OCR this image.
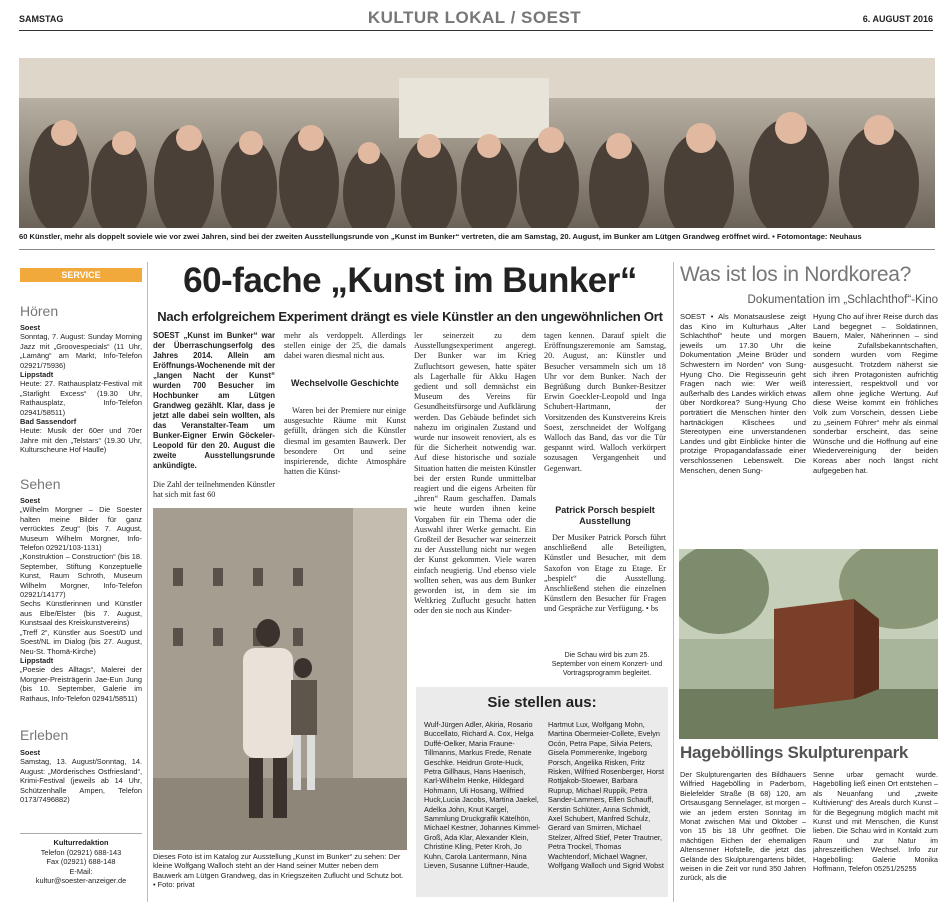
SAMSTAG	KULTUR LOKAL / SOEST	6. AUGUST 2016
60 Künstler, mehr als doppelt soviele wie vor zwei Jahren, sind bei der zweiten Ausstellungsrunde von „Kunst im Bunker“ vertreten, die am Samstag, 20. August, im Bunker am Lütgen Grandweg eröffnet wird. • Fotomontage: Neuhaus
SERVICE
Hören
Soest
Sonntag, 7. August: Sunday Morning Jazz mit „Groovespecials“ (11 Uhr, „Lamäng“ am Markt, Info-Telefon 02921/75936)
Lippstadt
Heute: 27. Rathausplatz-Festival mit „Starlight Excess“ (19.30 Uhr, Rathausplatz, Info-Telefon 02941/58511)
Bad Sassendorf
Heute: Musik der 60er und 70er Jahre mit den „Telstars“ (19.30 Uhr, Kulturscheune Hof Haulle)
Sehen
Soest
„Wilhelm Morgner – Die Soester halten meine Bilder für ganz verrücktes Zeug“ (bis 7. August, Museum Wilhelm Morgner, Info-Telefon 02921/103-1131)
„Konstruktion – Construction“ (bis 18. September, Stiftung Konzeptuelle Kunst, Raum Schroth, Museum Wilhelm Morgner, Info-Telefon 02921/14177)
Sechs Künstlerinnen und Künstler aus Elbe/Elster (bis 7. August, Kunstsaal des Kreiskunstvereins)
„Treff 2“, Künstler aus Soest/D und Soest/NL im Dialog (bis 27. August, Neu-St. Thomä-Kirche)
Lippstadt
„Poesie des Alltags“, Malerei der Morgner-Preisträgerin Jae-Eun Jung (bis 10. September, Galerie im Rathaus, Info-Telefon 02941/58511)
Erleben
Soest
Samstag, 13. August/Sonntag, 14. August: „Mörderisches Ostfriesland“, Krimi-Festival (jeweils ab 14 Uhr, Schützenhalle Ampen, Telefon 0173/7496882)
Kulturredaktion
Telefon (02921) 688-143
Fax (02921) 688-148
E-Mail:
kultur@soester-anzeiger.de
60-fache „Kunst im Bunker“
Nach erfolgreichem Experiment drängt es viele Künstler an den ungewöhnlichen Ort
SOEST „Kunst im Bunker“ war der Überraschungserfolg des Jahres 2014. Allein am Eröffnungs-Wochenende mit der „langen Nacht der Kunst“ wurden 700 Besucher im Hochbunker am Lütgen Grandweg gezählt. Klar, dass je jetzt alle dabei sein wollten, als das Veranstalter-Team um Bunker-Eigner Erwin Göckeler-Leopold für den 20. August die zweite Ausstellungsrunde ankündigte.
Die Zahl der teilnehmenden Künstler hat sich mit fast 60
mehr als verdoppelt. Allerdings stellen einige der 25, die damals dabei waren diesmal nicht aus.
Wechselvolle Geschichte
Waren bei der Premiere nur einige ausgesuchte Räume mit Kunst gefüllt, drängen sich die Künstler diesmal im gesamten Bauwerk. Der besondere Ort und seine inspirierende, dichte Atmosphäre hatten die Künst-
ler seinerzeit zu dem Ausstellungsexperiment angeregt. Der Bunker war im Krieg Zufluchtsort gewesen, hatte später als Lagerhalle für Akku Hagen gedient und soll demnächst ein Museum des Vereins für Gesundheitsfürsorge und Aufklärung werden. Das Gebäude befindet sich nahezu im originalen Zustand und wurde nur insoweit renoviert, als es für die Sicherheit notwendig war. Auf diese historische und soziale Situation hatten die meisten Künstler bei der ersten Runde unmittelbar reagiert und die eigens Arbeiten für „ihren“ Raum geschaffen. Damals wie heute wurden ihnen keine Vorgaben für ein Thema oder die Auswahl ihrer Werke gemacht. Ein Großteil der Besucher war seinerzeit zu der Ausstellung nicht nur wegen der Kunst gekommen. Viele waren einfach neugierig. Und ebenso viele wollten sehen, was aus dem Bunker geworden ist, in dem sie im Weltkrieg Zuflucht gesucht hatten oder den sie noch aus Kinder-
tagen kennen. Darauf spielt die Eröffnungszeremonie am Samstag, 20. August, an: Künstler und Besucher versammeln sich um 18 Uhr vor dem Bunker. Nach der Begrüßung durch Bunker-Besitzer Erwin Goeckler-Leopold und Inga Schubert-Hartmann, der Vorsitzenden des Kunstvereins Kreis Soest, zerschneidet der Wolfgang Walloch das Band, das vor die Tür gespannt wird. Walloch verkörpert sozusagen Vergangenheit und Gegenwart.
Patrick Porsch bespielt Ausstellung
Der Musiker Patrick Porsch führt anschließend alle Beteiligten, Künstler und Besucher, mit dem Saxofon von Etage zu Etage. Er „bespielt“ die Ausstellung. Anschließend stehen die einzelnen Künstlern den Besucher für Fragen und Gespräche zur Verfügung. • bs
Die Schau wird bis zum 25. September von einem Konzert- und Vortragsprogramm begleitet.
Dieses Foto ist im Katalog zur Ausstellung „Kunst im Bunker“ zu sehen: Der kleine Wolfgang Walloch steht an der Hand seiner Mutter neben dem Bauwerk am Lütgen Grandweg, das in Kriegszeiten Zuflucht und Schutz bot. • Foto: privat
Sie stellen aus:
Wulf-Jürgen Adler, Akiria, Rosario Buccellato, Richard A. Cox, Helga Duffé-Oelker, Maria Fraune-Tillmanns, Markus Frede, Renate Geschke. Heidrun Grote-Huck, Petra Gillhaus, Hans Haenisch, Karl-Wilhelm Henke, Hildegard Hohmann, Uli Hosang, Wilfried Huck,Lucia Jacobs, Martina Jaekel, Adelka John, Knut Kargel, Sammlung Druckgrafik Kätelhön, Michael Kestner, Johannes Kimmel-Groß, Ada Klar, Alexander Klein, Christine Kling, Peter Kroh, Jo Kuhn, Carola Lantermann, Nina Lieven, Susanne Lüftner-Haude,
Hartmut Lux, Wolfgang Mohn, Martina Obermeier-Collete, Evelyn Ocón, Petra Pape, Silvia Peters, Gisela Pommerenke, Ingeborg Porsch, Angelika Risken, Fritz Risken, Wilfried Rosenberger, Horst Rottjakob-Stoewer, Barbara Ruprup, Michael Ruppik, Petra Sander-Lammers, Ellen Schauff, Kerstin Schlüter, Anna Schmidt, Axel Schubert, Manfred Schulz, Gerard van Smirren, Michael Stelzer, Alfred Stief, Peter Trautner, Petra Trockel, Thomas Wachtendorf, Michael Wagner, Wolfgang Walloch und Sigrid Wobst
Was ist los in Nordkorea?
Dokumentation im „Schlachthof“-Kino
SOEST • Als Monatsauslese zeigt das Kino im Kulturhaus „Alter Schlachthof“ heute und morgen jeweils um 17.30 Uhr die Dokumentation „Meine Brüder und Schwestern im Norden“ von Sung-Hyung Cho. Die Regisseurin geht Fragen nach wie: Wer weiß außerhalb des Landes wirklich etwas über Nordkorea? Sung-Hyung Cho porträtiert die Menschen hinter den hartnäckigen Klischees und Stereotypen eine unverstandenen Landes und gibt Einblicke hinter die protzige Propagandafassade einer verschlossenen Lebenswelt. Die Menschen, denen Sung-
Hyung Cho auf ihrer Reise durch das Land begegnet – Soldatinnen, Bauern, Maler, Näherinnen – sind keine Zufallsbekanntschaften, sondern wurden vom Regime ausgesucht. Trotzdem näherst sie sich ihren Protagonisten aufrichtig interessiert, respektvoll und vor allem ohne jegliche Wertung. Auf diese Weise kommt ein fröhliches Volk zum Vorschein, dessen Liebe zu „seinem Führer“ mehr als einmal sonderbar erscheint, das seine Wünsche und die Hoffnung auf eine Wiedervereinigung der beiden Koreas aber noch längst nicht aufgegeben hat.
Hageböllings Skulpturenpark
Der Skulpturengarten des Bildhauers Wilfried Hagebölling in Paderborn, Bielefelder Straße (B 68) 120, am Ortsausgang Sennelager, ist morgen – wie an jedem ersten Sonntag im Monat zwischen Mai und Oktober – von 15 bis 18 Uhr geöffnet. Die mächtigen Eichen der ehemaligen Altensenner Hofstelle, die jetzt das Gelände des Skulpturengartens bildet, weisen in die Zeit vor rund 350 Jahren zurück, als die
Senne urbar gemacht wurde. Hagebölling ließ einen Ort entstehen – als Neuanfang und „zweite Kultivierung“ des Areals durch Kunst – für die Begegnung möglich macht mit Kunst und mit Menschen, die Kunst lieben. Die Schau wird in Kontakt zum Raum und zur Natur im jahreszeitlichen Wechsel. Info zur Hagebölling: Galerie Monika Hoffmann, Telefon 05251/25255
